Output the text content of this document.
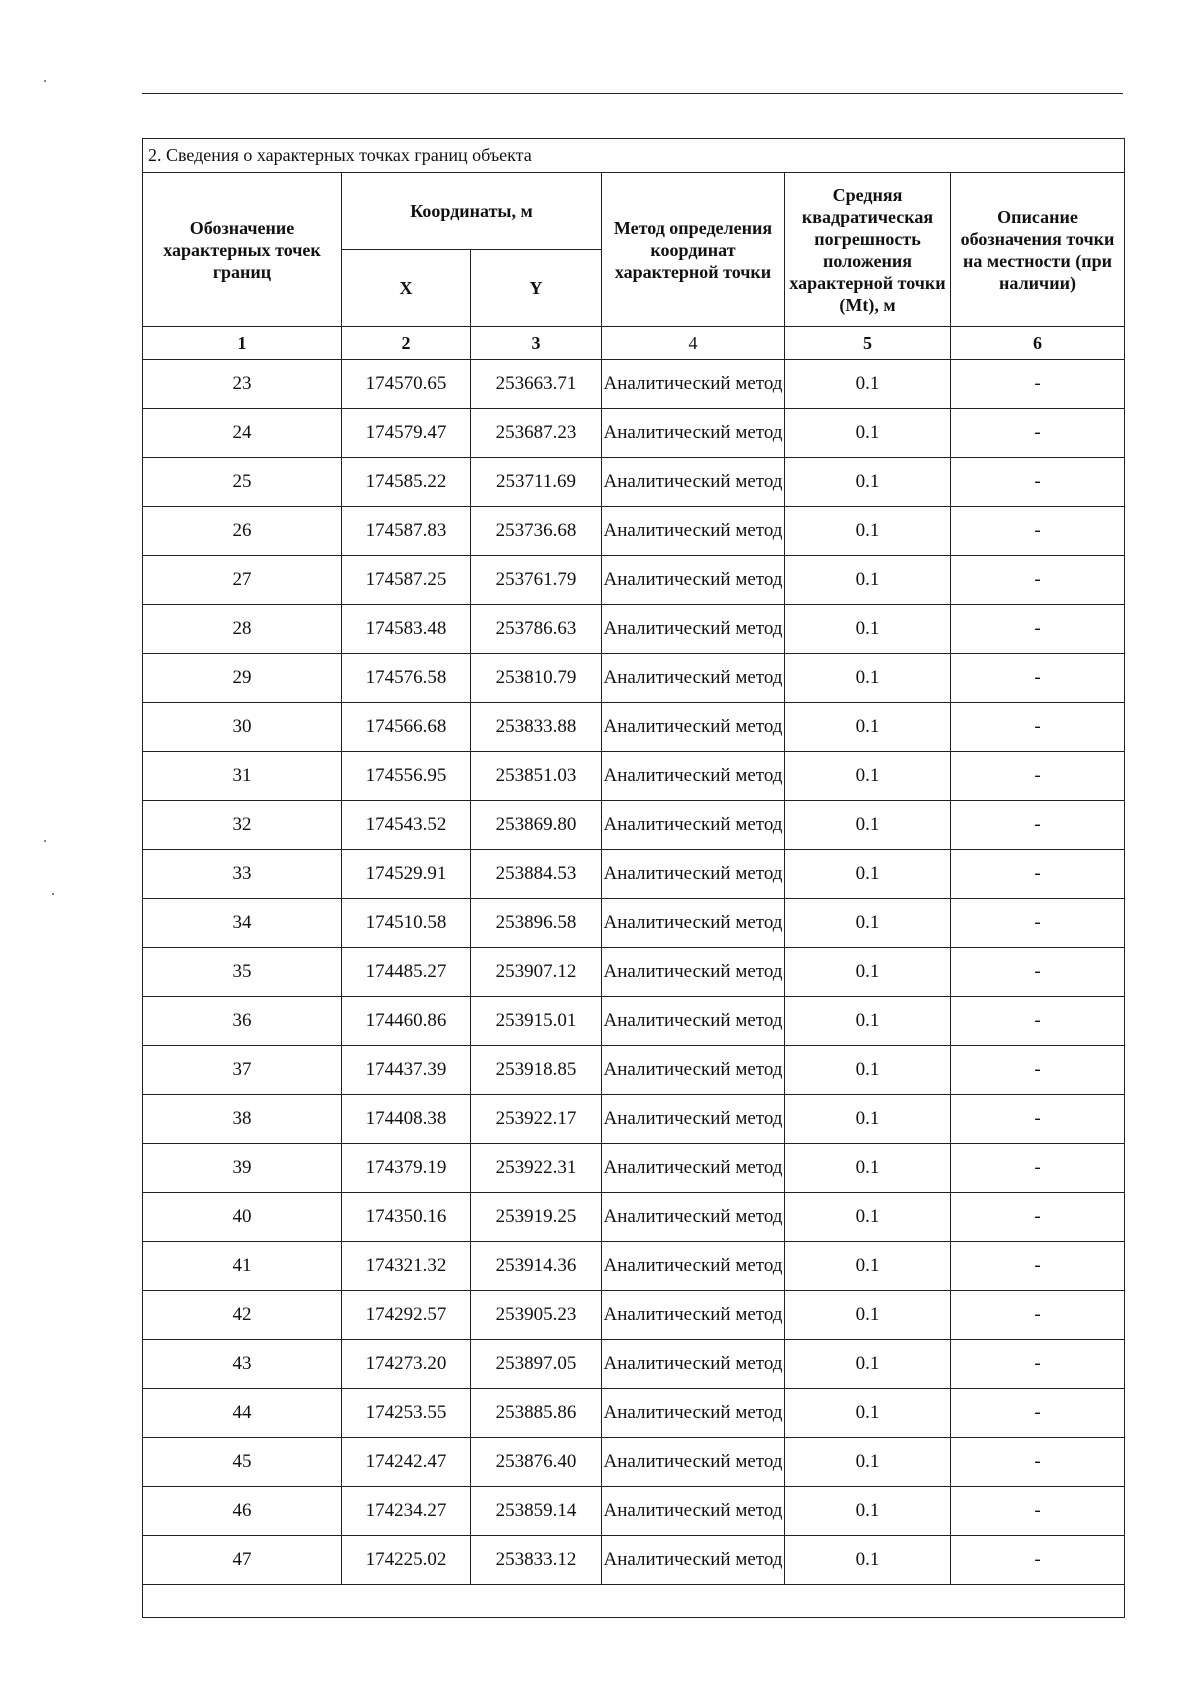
2. Сведения о характерных точках границ объекта					
Обозначение характерных точек границ	Координаты, м		Метод определения координат характерной точки	Средняя квадратическая погрешность положения характерной точки (Mt), м	Описание обозначения точки на местности (при наличии)
	X	Y			
1	2	3	4	5	6
23	174570.65	253663.71	Аналитический метод	0.1	-
24	174579.47	253687.23	Аналитический метод	0.1	-
25	174585.22	253711.69	Аналитический метод	0.1	-
26	174587.83	253736.68	Аналитический метод	0.1	-
27	174587.25	253761.79	Аналитический метод	0.1	-
28	174583.48	253786.63	Аналитический метод	0.1	-
29	174576.58	253810.79	Аналитический метод	0.1	-
30	174566.68	253833.88	Аналитический метод	0.1	-
31	174556.95	253851.03	Аналитический метод	0.1	-
32	174543.52	253869.80	Аналитический метод	0.1	-
33	174529.91	253884.53	Аналитический метод	0.1	-
34	174510.58	253896.58	Аналитический метод	0.1	-
35	174485.27	253907.12	Аналитический метод	0.1	-
36	174460.86	253915.01	Аналитический метод	0.1	-
37	174437.39	253918.85	Аналитический метод	0.1	-
38	174408.38	253922.17	Аналитический метод	0.1	-
39	174379.19	253922.31	Аналитический метод	0.1	-
40	174350.16	253919.25	Аналитический метод	0.1	-
41	174321.32	253914.36	Аналитический метод	0.1	-
42	174292.57	253905.23	Аналитический метод	0.1	-
43	174273.20	253897.05	Аналитический метод	0.1	-
44	174253.55	253885.86	Аналитический метод	0.1	-
45	174242.47	253876.40	Аналитический метод	0.1	-
46	174234.27	253859.14	Аналитический метод	0.1	-
47	174225.02	253833.12	Аналитический метод	0.1	-
